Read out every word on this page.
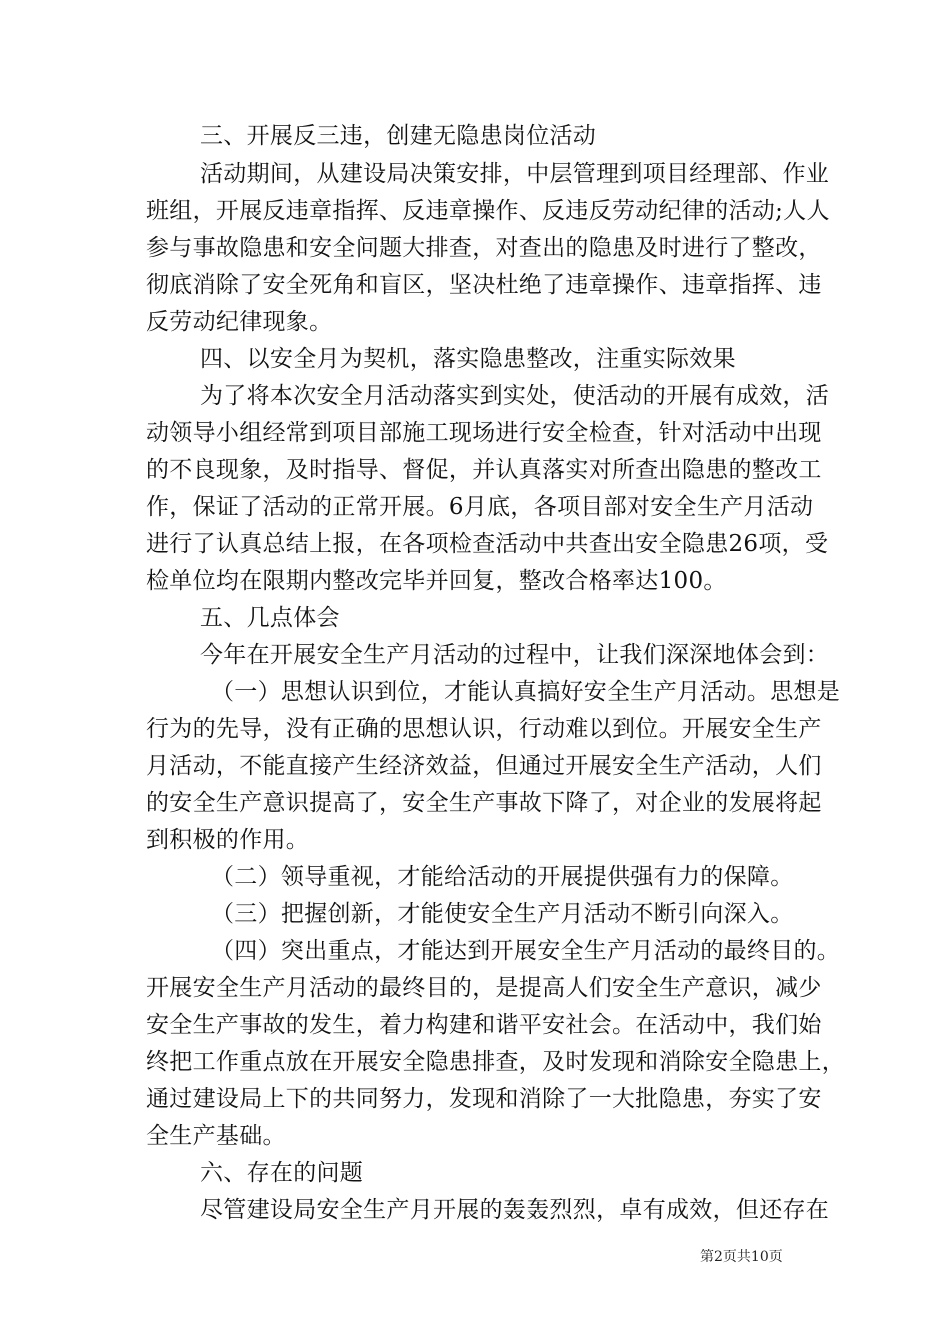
三、开展反三违，创建无隐患岗位活动
活动期间，从建设局决策安排，中层管理到项目经理部、作业
班组，开展反违章指挥、反违章操作、反违反劳动纪律的活动;人人
参与事故隐患和安全问题大排查，对查出的隐患及时进行了整改，
彻底消除了安全死角和盲区，坚决杜绝了违章操作、违章指挥、违
反劳动纪律现象。
四、以安全月为契机，落实隐患整改，注重实际效果
为了将本次安全月活动落实到实处，使活动的开展有成效，活
动领导小组经常到项目部施工现场进行安全检查，针对活动中出现
的不良现象，及时指导、督促，并认真落实对所查出隐患的整改工
作，保证了活动的正常开展。6月底，各项目部对安全生产月活动
进行了认真总结上报，在各项检查活动中共查出安全隐患26项，受
检单位均在限期内整改完毕并回复，整改合格率达100。
五、几点体会
今年在开展安全生产月活动的过程中，让我们深深地体会到：
（一）思想认识到位，才能认真搞好安全生产月活动。思想是
行为的先导，没有正确的思想认识，行动难以到位。开展安全生产
月活动，不能直接产生经济效益，但通过开展安全生产活动，人们
的安全生产意识提高了，安全生产事故下降了，对企业的发展将起
到积极的作用。
（二）领导重视，才能给活动的开展提供强有力的保障。
（三）把握创新，才能使安全生产月活动不断引向深入。
（四）突出重点，才能达到开展安全生产月活动的最终目的。
开展安全生产月活动的最终目的，是提高人们安全生产意识，减少
安全生产事故的发生，着力构建和谐平安社会。在活动中，我们始
终把工作重点放在开展安全隐患排查，及时发现和消除安全隐患上，
通过建设局上下的共同努力，发现和消除了一大批隐患，夯实了安
全生产基础。
六、存在的问题
尽管建设局安全生产月开展的轰轰烈烈，卓有成效，但还存在
第2页共10页
